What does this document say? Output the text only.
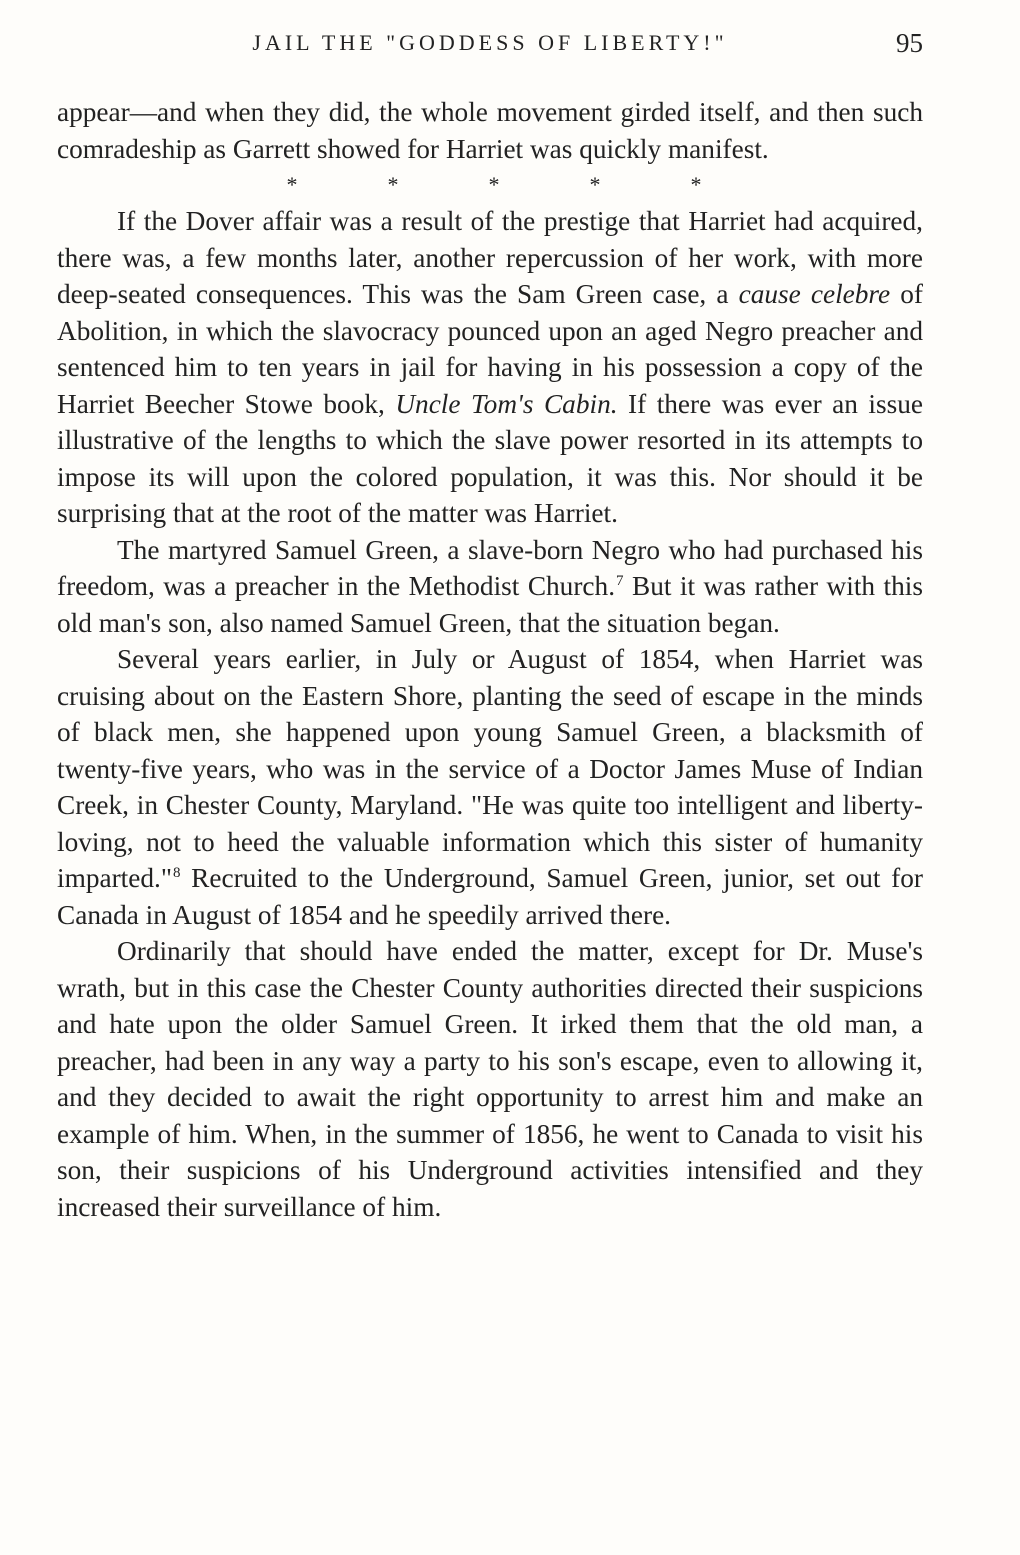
JAIL THE "GODDESS OF LIBERTY!"	95

appear—and when they did, the whole movement girded itself, and then such comradeship as Garrett showed for Harriet was quickly manifest.

*	*	*	*	*

If the Dover affair was a result of the prestige that Harriet had acquired, there was, a few months later, another repercussion of her work, with more deep-seated consequences. This was the Sam Green case, a cause celebre of Abolition, in which the slavocracy pounced upon an aged Negro preacher and sentenced him to ten years in jail for having in his possession a copy of the Harriet Beecher Stowe book, Uncle Tom's Cabin. If there was ever an issue illustrative of the lengths to which the slave power resorted in its attempts to impose its will upon the colored population, it was this. Nor should it be surprising that at the root of the matter was Harriet.

The martyred Samuel Green, a slave-born Negro who had purchased his freedom, was a preacher in the Methodist Church.$^7$ But it was rather with this old man's son, also named Samuel Green, that the situation began.

Several years earlier, in July or August of 1854, when Harriet was cruising about on the Eastern Shore, planting the seed of escape in the minds of black men, she happened upon young Samuel Green, a blacksmith of twenty-five years, who was in the service of a Doctor James Muse of Indian Creek, in Chester County, Maryland. "He was quite too intelligent and liberty-loving, not to heed the valuable information which this sister of humanity imparted."$^8$ Recruited to the Underground, Samuel Green, junior, set out for Canada in August of 1854 and he speedily arrived there.

Ordinarily that should have ended the matter, except for Dr. Muse's wrath, but in this case the Chester County authorities directed their suspicions and hate upon the older Samuel Green. It irked them that the old man, a preacher, had been in any way a party to his son's escape, even to allowing it, and they decided to await the right opportunity to arrest him and make an example of him. When, in the summer of 1856, he went to Canada to visit his son, their suspicions of his Underground activities intensified and they increased their surveillance of him.
